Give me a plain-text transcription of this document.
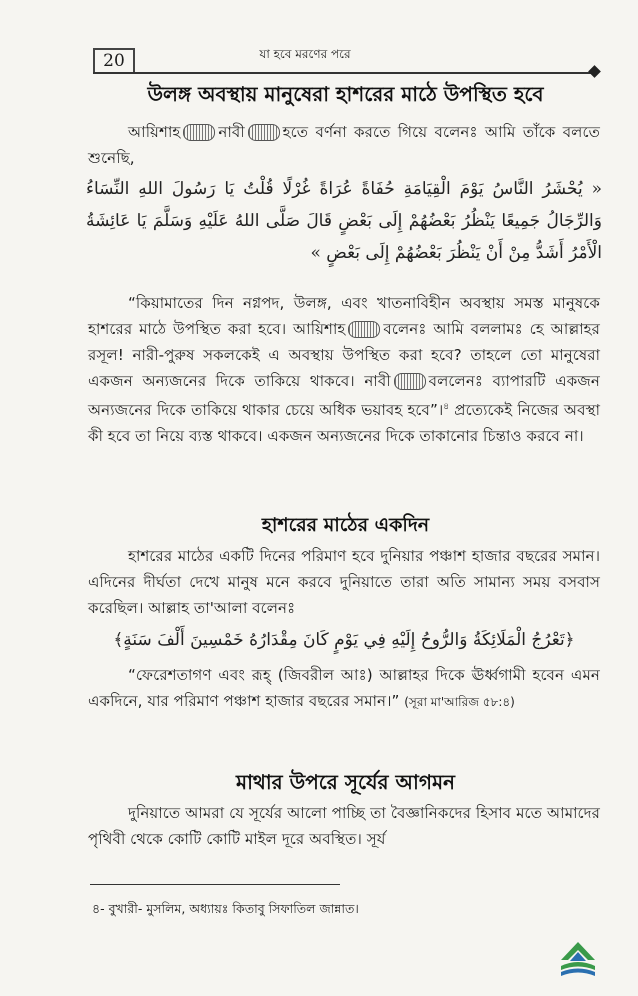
20	যা হবে মরণের পরে
উলঙ্গ অবস্থায় মানুষেরা হাশরের মাঠে উপস্থিত হবে
আয়িশাহ	নাবী	হতে বর্ণনা করতে গিয়ে বলেনঃ আমি তাঁকে বলতে শুনেছি,
« يُحْشَرُ النَّاسُ يَوْمَ الْقِيَامَةِ حُفَاةً عُرَاةً غُرْلًا قُلْتُ يَا رَسُولَ اللهِ النِّسَاءُ وَالرِّجَالُ جَمِيعًا يَنْظُرُ بَعْضُهُمْ إِلَى بَعْضٍ قَالَ صَلَّى اللهُ عَلَيْهِ وَسَلَّمَ يَا عَائِشَةُ الْأَمْرُ أَشَدُّ مِنْ أَنْ يَنْظُرَ بَعْضُهُمْ إِلَى بَعْضٍ »
“কিয়ামাতের দিন নগ্নপদ, উলঙ্গ, এবং খাতনাবিহীন অবস্থায় সমস্ত মানুষকে হাশরের মাঠে উপস্থিত করা হবে। আয়িশাহ	বলেনঃ আমি বললামঃ হে আল্লাহর রসূল! নারী-পুরুষ সকলকেই এ অবস্থায় উপস্থিত করা হবে? তাহলে তো মানুষেরা একজন অন্যজনের দিকে তাকিয়ে থাকবে। নাবী	বললেনঃ ব্যাপারটি একজন অন্যজনের দিকে তাকিয়ে থাকার চেয়ে অধিক ভয়াবহ হবে”।$^৪$ প্রত্যেকেই নিজের অবস্থা কী হবে তা নিয়ে ব্যস্ত থাকবে। একজন অন্যজনের দিকে তাকানোর চিন্তাও করবে না।
হাশরের মাঠের একদিন
হাশরের মাঠের একটি দিনের পরিমাণ হবে দুনিয়ার পঞ্চাশ হাজার বছরের সমান। এদিনের দীর্ঘতা দেখে মানুষ মনে করবে দুনিয়াতে তারা অতি সামান্য সময় বসবাস করেছিল। আল্লাহ তা'আলা বলেনঃ
﴿تَعْرُجُ الْمَلَائِكَةُ وَالرُّوحُ إِلَيْهِ فِي يَوْمٍ كَانَ مِقْدَارُهُ خَمْسِينَ أَلْفَ سَنَةٍ﴾
“ফেরেশতাগণ এবং রূহ্ (জিবরীল আঃ) আল্লাহর দিকে ঊর্ধ্বগামী হবেন এমন একদিনে, যার পরিমাণ পঞ্চাশ হাজার বছরের সমান।” (সূরা মা'আরিজ ৫৮:৪)
মাথার উপরে সূর্যের আগমন
দুনিয়াতে আমরা যে সূর্যের আলো পাচ্ছি তা বৈজ্ঞানিকদের হিসাব মতে আমাদের পৃথিবী থেকে কোটি কোটি মাইল দূরে অবস্থিত। সূর্য
৪- বুখারী- মুসলিম, অধ্যায়ঃ কিতাবু সিফাতিল জান্নাত।
